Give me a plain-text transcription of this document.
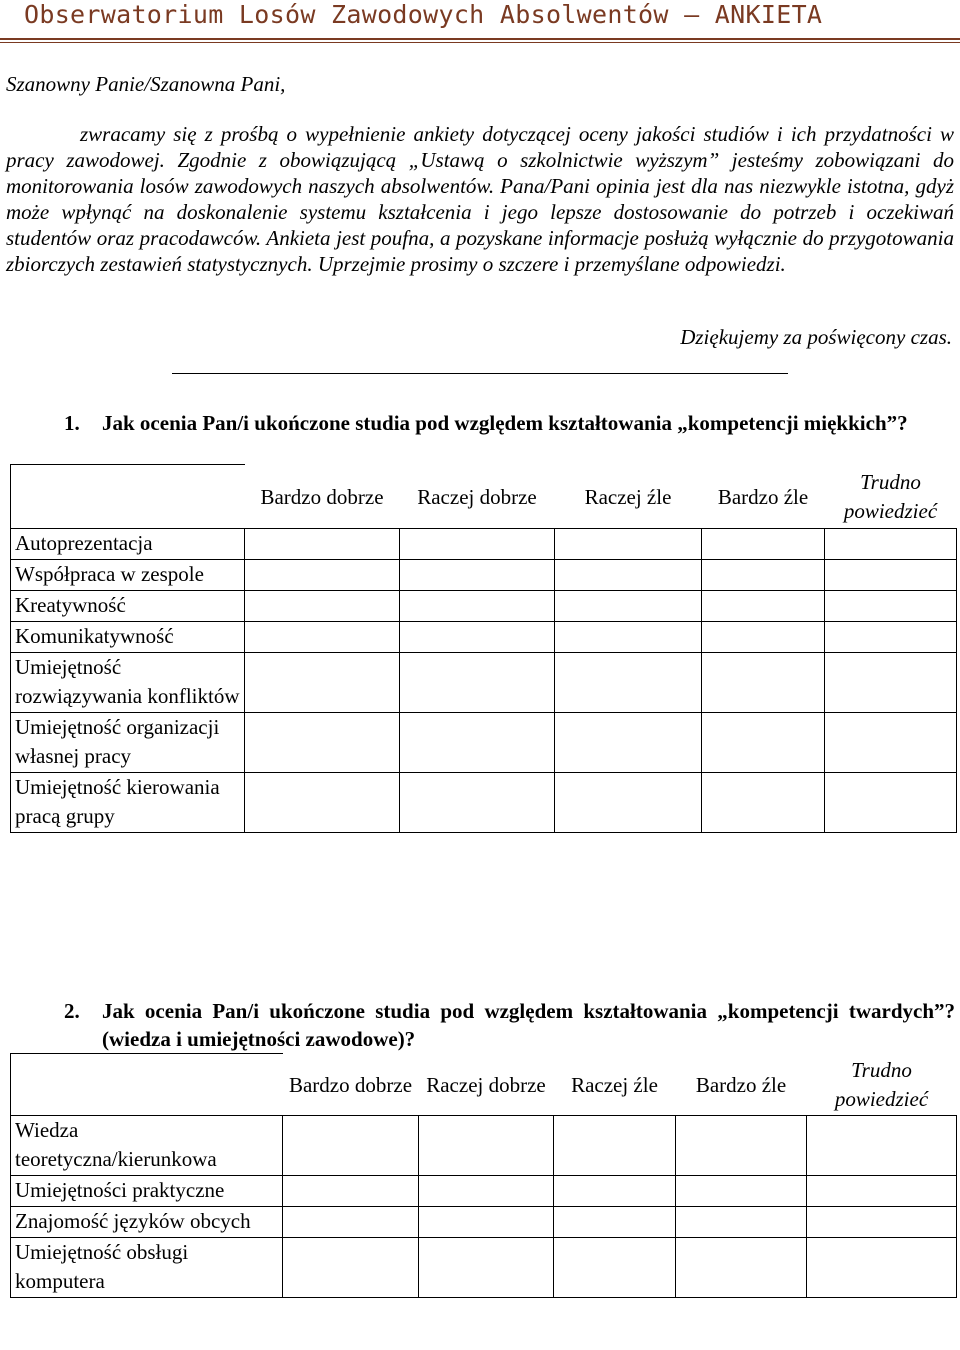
Obserwatorium Losów Zawodowych Absolwentów – ANKIETA
Szanowny Panie/Szanowna Pani,
zwracamy się z prośbą o wypełnienie ankiety dotyczącej oceny jakości studiów i ich przydatności w pracy zawodowej. Zgodnie z obowiązującą „Ustawą o szkolnictwie wyższym” jesteśmy zobowiązani do monitorowania losów zawodowych naszych absolwentów. Pana/Pani opinia jest dla nas niezwykle istotna, gdyż może wpłynąć na doskonalenie systemu kształcenia i jego lepsze dostosowanie do potrzeb i oczekiwań studentów oraz pracodawców. Ankieta jest poufna, a pozyskane informacje posłużą wyłącznie do przygotowania zbiorczych zestawień statystycznych. Uprzejmie prosimy o szczere i przemyślane odpowiedzi.
Dziękujemy za poświęcony czas.
1. Jak ocenia Pan/i ukończone studia pod względem kształtowania „kompetencji miękkich”?
	Bardzo dobrze	Raczej dobrze	Raczej źle	Bardzo źle	Trudno powiedzieć
Autoprezentacja					
Współpraca w zespole					
Kreatywność					
Komunikatywność					
Umiejętność rozwiązywania konfliktów					
Umiejętność organizacji własnej pracy					
Umiejętność kierowania pracą grupy					
2. Jak ocenia Pan/i ukończone studia pod względem kształtowania „kompetencji twardych”? (wiedza i umiejętności zawodowe)?
	Bardzo dobrze	Raczej dobrze	Raczej źle	Bardzo źle	Trudno powiedzieć
Wiedza teoretyczna/kierunkowa					
Umiejętności praktyczne					
Znajomość języków obcych					
Umiejętność obsługi komputera					
